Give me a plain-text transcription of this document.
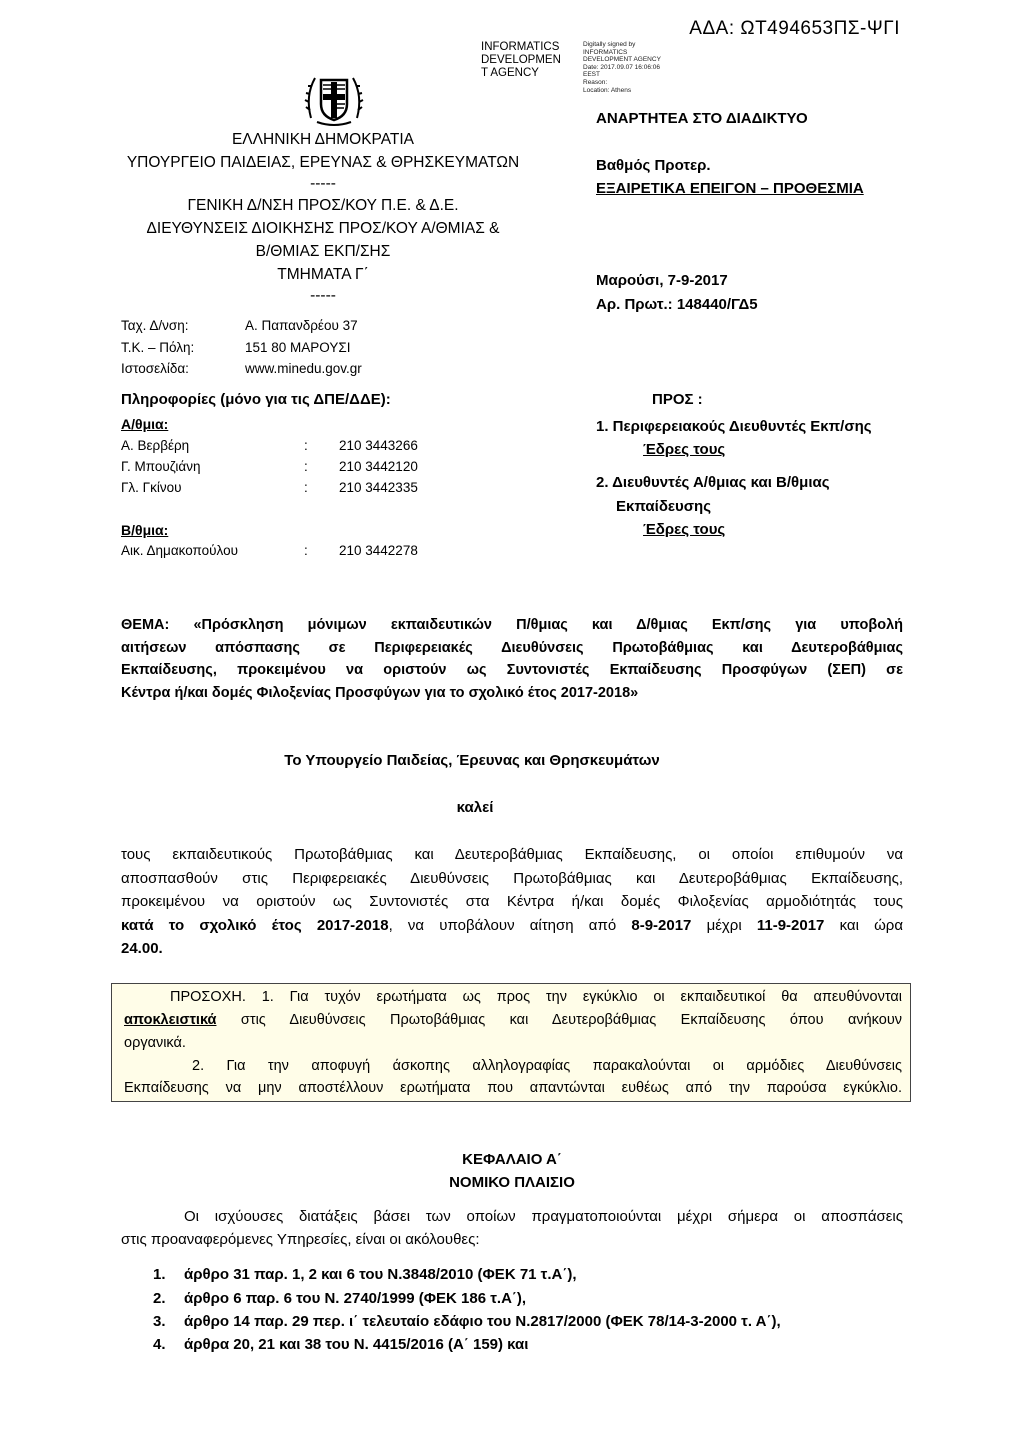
ΑΔΑ: ΩΤ494653ΠΣ-ΨΓΙ
INFORMATICS
DEVELOPMEN
T AGENCY
Digitally signed by
INFORMATICS
DEVELOPMENT AGENCY
Date: 2017.09.07 16:06:06
EEST
Reason:
Location: Athens
ΕΛΛΗΝΙΚΗ ΔΗΜΟΚΡΑΤΙΑ
ΥΠΟΥΡΓΕΙΟ ΠΑΙΔΕΙΑΣ, ΕΡΕΥΝΑΣ & ΘΡΗΣΚΕΥΜΑΤΩΝ
-----
ΓΕΝΙΚΗ Δ/ΝΣΗ ΠΡΟΣ/ΚΟΥ Π.Ε. & Δ.Ε.
ΔΙΕΥΘΥΝΣΕΙΣ ΔΙΟΙΚΗΣΗΣ ΠΡΟΣ/ΚΟΥ Α/ΘΜΙΑΣ &
Β/ΘΜΙΑΣ ΕΚΠ/ΣΗΣ
ΤΜΗΜΑΤΑ Γ΄
-----
Ταχ. Δ/νση:	Α. Παπανδρέου 37
Τ.Κ. – Πόλη:	151 80 ΜΑΡΟΥΣΙ
Ιστοσελίδα:	www.minedu.gov.gr
Πληροφορίες (μόνο για τις ΔΠΕ/ΔΔΕ):
Α/θμια:
Α. Βερβέρη	: 210 3443266
Γ. Μπουζιάνη	: 210 3442120
Γλ. Γκίνου	: 210 3442335
Β/θμια:
Αικ. Δημακοπούλου	: 210 3442278
ΑΝΑΡΤΗΤΕΑ ΣΤΟ ΔΙΑΔΙΚΤΥΟ
Βαθμός Προτερ.
ΕΞΑΙΡΕΤΙΚΑ ΕΠΕΙΓΟΝ – ΠΡΟΘΕΣΜΙΑ
Μαρούσι, 7-9-2017
Αρ. Πρωτ.: 148440/ΓΔ5
ΠΡΟΣ :
1. Περιφερειακούς Διευθυντές Εκπ/σης
Έδρες τους
2. Διευθυντές Α/θμιας και Β/θμιας
Εκπαίδευσης
Έδρες τους
ΘΕΜΑ: «Πρόσκληση μόνιμων εκπαιδευτικών Π/θμιας και Δ/θμιας Εκπ/σης για υποβολή
αιτήσεων απόσπασης σε Περιφερειακές Διευθύνσεις Πρωτοβάθμιας και Δευτεροβάθμιας
Εκπαίδευσης, προκειμένου να οριστούν ως Συντονιστές Εκπαίδευσης Προσφύγων (ΣΕΠ) σε
Κέντρα ή/και δομές Φιλοξενίας Προσφύγων για το σχολικό έτος 2017-2018»
Το Υπουργείο Παιδείας, Έρευνας και Θρησκευμάτων
καλεί
τους εκπαιδευτικούς Πρωτοβάθμιας και Δευτεροβάθμιας Εκπαίδευσης, οι οποίοι επιθυμούν να
αποσπασθούν στις Περιφερειακές Διευθύνσεις Πρωτοβάθμιας και Δευτεροβάθμιας Εκπαίδευσης,
προκειμένου να οριστούν ως Συντονιστές στα Κέντρα ή/και δομές Φιλοξενίας αρμοδιότητάς τους
κατά το σχολικό έτος 2017-2018, να υποβάλουν αίτηση από 8-9-2017 μέχρι 11-9-2017 και ώρα
24.00.
ΠΡΟΣΟΧΗ. 1. Για τυχόν ερωτήματα ως προς την εγκύκλιο οι εκπαιδευτικοί θα απευθύνονται
αποκλειστικά στις Διευθύνσεις Πρωτοβάθμιας και Δευτεροβάθμιας Εκπαίδευσης όπου ανήκουν
οργανικά.
2. Για την αποφυγή άσκοπης αλληλογραφίας παρακαλούνται οι αρμόδιες Διευθύνσεις
Εκπαίδευσης να μην αποστέλλουν ερωτήματα που απαντώνται ευθέως από την παρούσα εγκύκλιο.
ΚΕΦΑΛΑΙΟ Α΄
ΝΟΜΙΚΟ ΠΛΑΙΣΙΟ
Οι ισχύουσες διατάξεις βάσει των οποίων πραγματοποιούνται μέχρι σήμερα οι αποσπάσεις
στις προαναφερόμενες Υπηρεσίες, είναι οι ακόλουθες:
1. άρθρο 31 παρ. 1, 2 και 6 του Ν.3848/2010 (ΦΕΚ 71 τ.Α΄),
2. άρθρο 6 παρ. 6 του Ν. 2740/1999 (ΦΕΚ 186 τ.Α΄),
3. άρθρο 14 παρ. 29 περ. ι΄ τελευταίο εδάφιο του Ν.2817/2000 (ΦΕΚ 78/14-3-2000 τ. Α΄),
4. άρθρα 20, 21 και 38 του Ν. 4415/2016 (Α΄ 159) και
